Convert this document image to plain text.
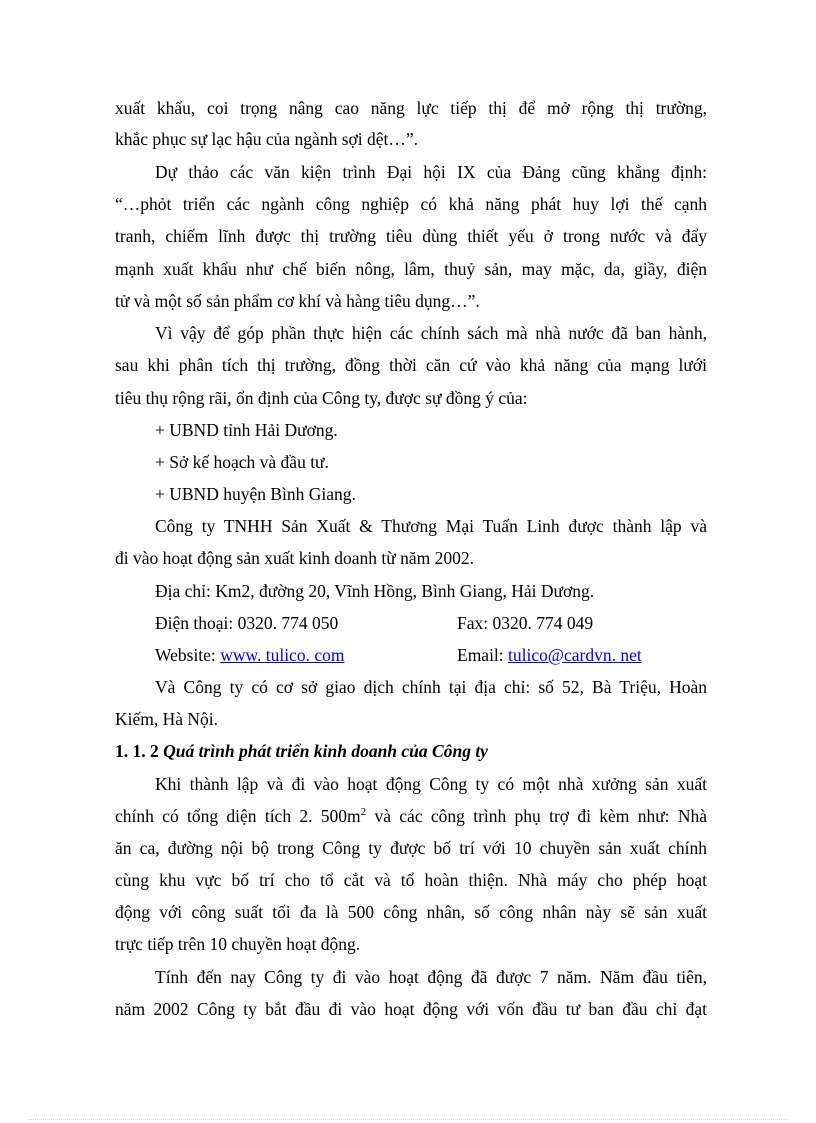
xuất khẩu, coi trọng nâng cao năng lực tiếp thị để mở rộng thị trường,
khắc phục sự lạc hậu của ngành sợi dệt…”.
Dự thảo các văn kiện trình Đại hội IX của Đảng cũng khẳng định:
“…phỏt triển các ngành công nghiệp có khả năng phát huy lợi thế cạnh
tranh, chiếm lĩnh được thị trường tiêu dùng thiết yếu ở trong nước và đẩy
mạnh xuất khẩu như chế biến nông, lâm, thuỷ sản, may mặc, da, giầy, điện
tử và một số sản phẩm cơ khí và hàng tiêu dụng…”.
Vì vậy để góp phần thực hiện các chính sách mà nhà nước đã ban hành,
sau khi phân tích thị trường, đồng thời căn cứ vào khả năng của mạng lưới
tiêu thụ rộng rãi, ổn định của Công ty, được sự đồng ý của:
+ UBND tỉnh Hải Dương.
+ Sở kế hoạch và đầu tư.
+ UBND huyện Bình Giang.
Công ty TNHH Sản Xuất & Thương Mại Tuấn Linh được thành lập và
đi vào hoạt động sản xuất kinh doanh từ năm 2002.
Địa chỉ: Km2, đường 20, Vĩnh Hồng, Bình Giang, Hải Dương.
Điện thoại: 0320. 774 050	Fax: 0320. 774 049
Website: www. tulico. com	Email: tulico@cardvn. net
Và Công ty có cơ sở giao dịch chính tại địa chỉ: số 52, Bà Triệu, Hoàn
Kiếm, Hà Nội.
1. 1. 2 Quá trình phát triển kinh doanh của Công ty
Khi thành lập và đi vào hoạt động Công ty có một nhà xưởng sản xuất
chính có tổng diện tích 2. $500m^2$ và các công trình phụ trợ đi kèm như: Nhà
ăn ca, đường nội bộ trong Công ty được bố trí với 10 chuyền sản xuất chính
cùng khu vực bố trí cho tổ cắt và tổ hoàn thiện. Nhà máy cho phép hoạt
động với công suất tối đa là 500 công nhân, số công nhân này sẽ sản xuất
trực tiếp trên 10 chuyền hoạt động.
Tính đến nay Công ty đi vào hoạt động đã được 7 năm. Năm đầu tiên,
năm 2002 Công ty bắt đầu đi vào hoạt động với vốn đầu tư ban đầu chỉ đạt
